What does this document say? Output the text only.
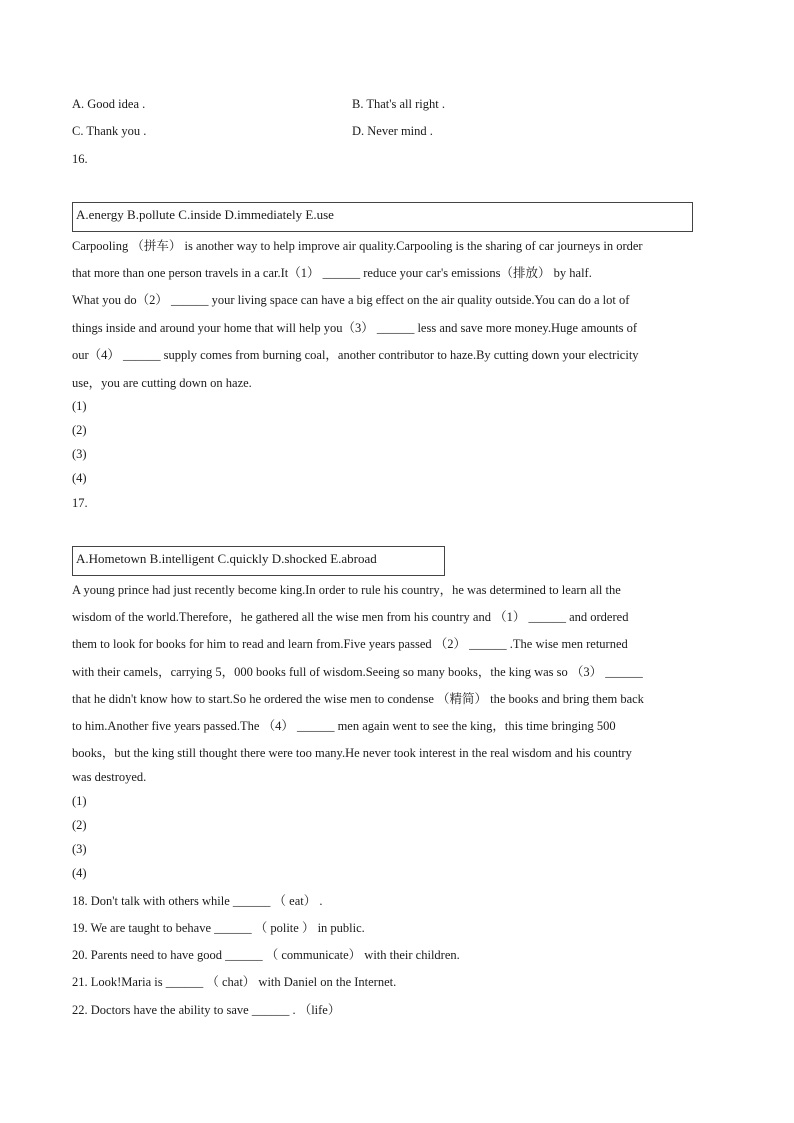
A. Good idea .	B. That's all right .
C. Thank you .	D. Never mind .
16.
A.energy B.pollute C.inside D.immediately E.use
Carpooling （拼车） is another way to help improve air quality.Carpooling is the sharing of car journeys in order
that more than one person travels in a car.It（1） ______ reduce your car's emissions（排放） by half.
What you do（2） ______ your living space can have a big effect on the air quality outside.You can do a lot of
things inside and around your home that will help you（3） ______ less and save more money.Huge amounts of
our（4） ______ supply comes from burning coal，another contributor to haze.By cutting down your electricity
use，you are cutting down on haze.
(1)
(2)
(3)
(4)
17.
A.Hometown B.intelligent C.quickly D.shocked E.abroad
A young prince had just recently become king.In order to rule his country，he was determined to learn all the
wisdom of the world.Therefore，he gathered all the wise men from his country and （1） ______ and ordered
them to look for books for him to read and learn from.Five years passed （2） ______ .The wise men returned
with their camels，carrying 5，000 books full of wisdom.Seeing so many books，the king was so （3） ______
that he didn't know how to start.So he ordered the wise men to condense （精简） the books and bring them back
to him.Another five years passed.The （4） ______ men again went to see the king，this time bringing 500
books，but the king still thought there were too many.He never took interest in the real wisdom and his country
was destroyed.
(1)
(2)
(3)
(4)
18. Don't talk with others while ______ （ eat） .
19. We are taught to behave ______ （ polite ） in public.
20. Parents need to have good ______ （ communicate） with their children.
21. Look!Maria is ______ （ chat） with Daniel on the Internet.
22. Doctors have the ability to save ______ . （life）
